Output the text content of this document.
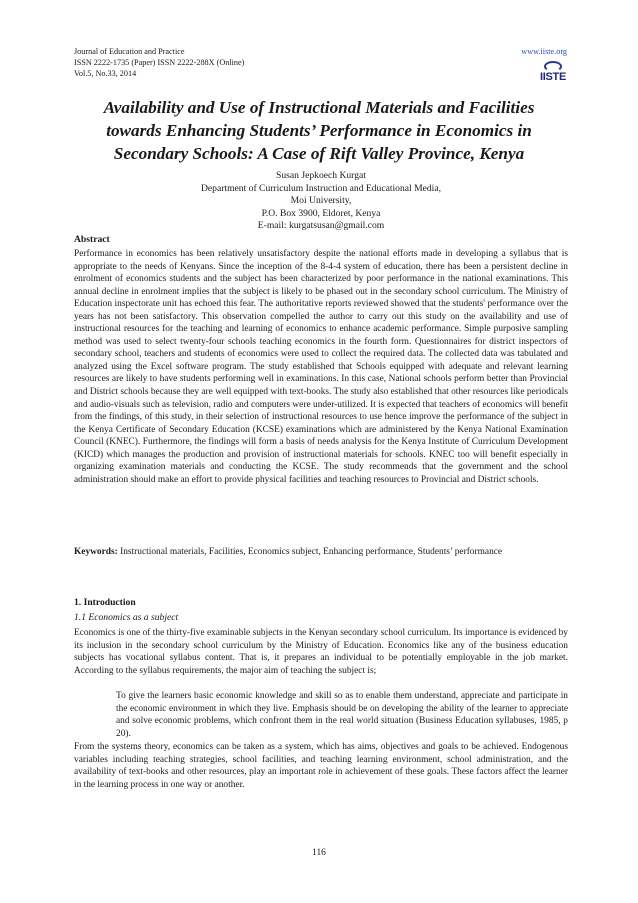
Journal of Education and Practice
ISSN 2222-1735 (Paper) ISSN 2222-288X (Online)
Vol.5, No.33, 2014
www.iiste.org
IISTE
Availability and Use of Instructional Materials and Facilities towards Enhancing Students’ Performance in Economics in Secondary Schools: A Case of Rift Valley Province, Kenya
Susan Jepkoech Kurgat
Department of Curriculum Instruction and Educational Media,
Moi University,
P.O. Box 3900, Eldoret, Kenya
E-mail: kurgatsusan@gmail.com
Abstract

Performance in economics has been relatively unsatisfactory despite the national efforts made in developing a syllabus that is appropriate to the needs of Kenyans. Since the inception of the 8-4-4 system of education, there has been a persistent decline in enrolment of economics students and the subject has been characterized by poor performance in the national examinations. This annual decline in enrolment implies that the subject is likely to be phased out in the secondary school curriculum. The Ministry of Education inspectorate unit has echoed this fear. The authoritative reports reviewed showed that the students' performance over the years has not been satisfactory. This observation compelled the author to carry out this study on the availability and use of instructional resources for the teaching and learning of economics to enhance academic performance. Simple purposive sampling method was used to select twenty-four schools teaching economics in the fourth form. Questionnaires for district inspectors of secondary school, teachers and students of economics were used to collect the required data. The collected data was tabulated and analyzed using the Excel software program. The study established that Schools equipped with adequate and relevant learning resources are likely to have students performing well in examinations. In this case, National schools perform better than Provincial and District schools because they are well equipped with text-books. The study also established that other resources like periodicals and audio-visuals such as television, radio and computers were under-utilized. It is expected that teachers of economics will benefit from the findings, of this study, in their selection of instructional resources to use hence improve the performance of the subject in the Kenya Certificate of Secondary Education (KCSE) examinations which are administered by the Kenya National Examination Council (KNEC). Furthermore, the findings will form a basis of needs analysis for the Kenya Institute of Curriculum Development (KICD) which manages the production and provision of instructional materials for schools. KNEC too will benefit especially in organizing examination materials and conducting the KCSE. The study recommends that the government and the school administration should make an effort to provide physical facilities and teaching resources to Provincial and District schools.

Keywords: Instructional materials, Facilities, Economics subject, Enhancing performance, Students’ performance

1. Introduction
1.1 Economics as a subject

Economics is one of the thirty-five examinable subjects in the Kenyan secondary school curriculum. Its importance is evidenced by its inclusion in the secondary school curriculum by the Ministry of Education. Economics like any of the business education subjects has vocational syllabus content. That is, it prepares an individual to be potentially employable in the job market. According to the syllabus requirements, the major aim of teaching the subject is;

To give the learners basic economic knowledge and skill so as to enable them understand, appreciate and participate in the economic environment in which they live. Emphasis should be on developing the ability of the learner to appreciate and solve economic problems, which confront them in the real world situation (Business Education syllabuses, 1985, p 20).

From the systems theory, economics can be taken as a system, which has aims, objectives and goals to be achieved. Endogenous variables including teaching strategies, school facilities, and teaching learning environment, school administration, and the availability of text-books and other resources, play an important role in achievement of these goals. These factors affect the learner in the learning process in one way or another.

116
